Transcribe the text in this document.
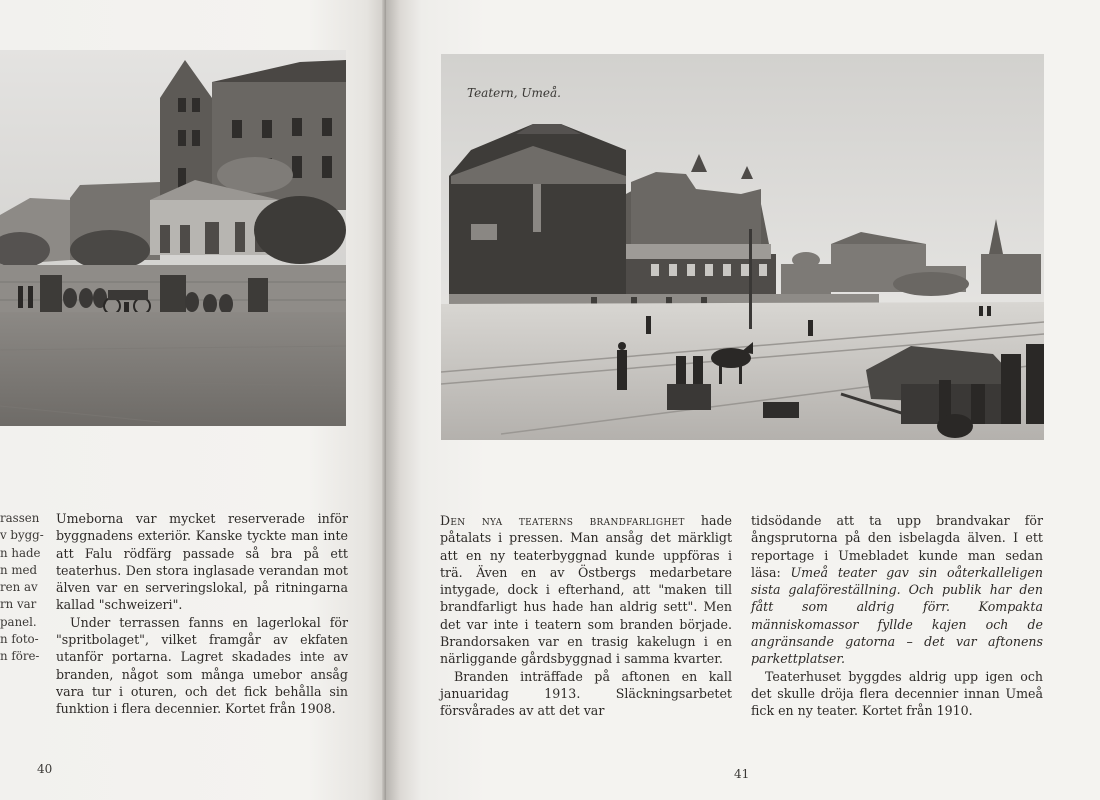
rassen
v bygg-
n hade
n med
ren av
rn var
panel.
n fotо-
n före-

Umeborna var mycket reserverade inför byggnadens exteriör. Kanske tyckte man inte att Falu rödfärg passade så bra på ett teaterhus. Den stora inglasade verandan mot älven var en serveringslokal, på ritningarna kallad "schweizeri".

Under terrassen fanns en lagerlokal för "spritbolaget", vilket framgår av ekfaten utanför portarna. Lagret skadades inte av branden, något som många umebor ansåg vara tur i oturen, och det fick behålla sin funktion i flera decennier. Kortet från 1908.

40
Teatern, Umeå.

Den nya teaterns brandfarlighet hade påtalats i pressen. Man ansåg det märkligt att en ny teaterbyggnad kunde uppföras i trä. Även en av Östbergs medarbetare intygade, dock i efterhand, att "maken till brandfarligt hus hade han aldrig sett". Men det var inte i teatern som branden började. Brandorsaken var en trasig kakelugn i en närliggande gårdsbyggnad i samma kvarter.

Branden inträffade på aftonen en kall januaridag 1913. Släckningsarbetet försvårades av att det var

tidsödande att ta upp brandvakar för ångsprutorna på den isbelagda älven. I ett reportage i Umebladet kunde man sedan läsa: Umeå teater gav sin oåterkalleligen sista galaföreställning. Och publik har den fått som aldrig förr. Kompakta människomassor fyllde kajen och de angränsande gatorna – det var aftonens parkettplatser.

Teaterhuset byggdes aldrig upp igen och det skulle dröja flera decennier innan Umeå fick en ny teater. Kortet från 1910.

41
